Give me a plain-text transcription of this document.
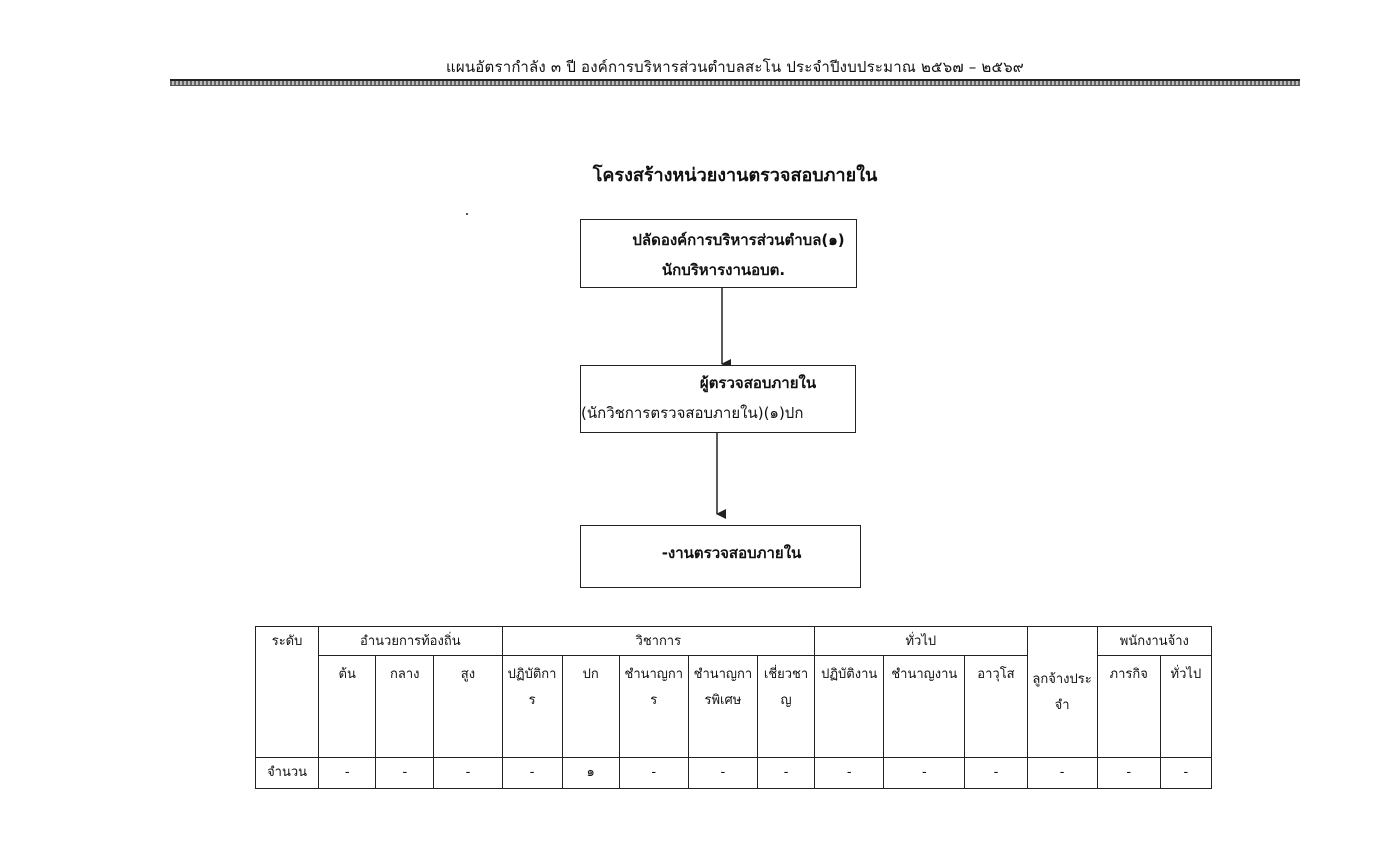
แผนอัตรากำลัง ๓ ปี องค์การบริหารส่วนตำบลสะโน ประจำปีงบประมาณ ๒๕๖๗ – ๒๕๖๙
โครงสร้างหน่วยงานตรวจสอบภายใน
ปลัดองค์การบริหารส่วนตำบล(๑)
นักบริหารงานอบต.
ผู้ตรวจสอบภายใน
(นักวิชการตรวจสอบภายใน)(๑)ปก
-งานตรวจสอบภายใน
ระดับ	อำนวยการท้องถิ่น			วิชาการ					ทั่วไป			ลูกจ้างประจำ	พนักงานจ้าง	
	ต้น	กลาง	สูง	ปฏิบัติการ	ปก	ชำนาญการ	ชำนาญการพิเศษ	เชี่ยวชาญ	ปฏิบัติงาน	ชำนาญงาน	อาวุโส		ภารกิจ	ทั่วไป
จำนวน	-	-	-	-	๑	-	-	-	-	-	-	-	-	-
